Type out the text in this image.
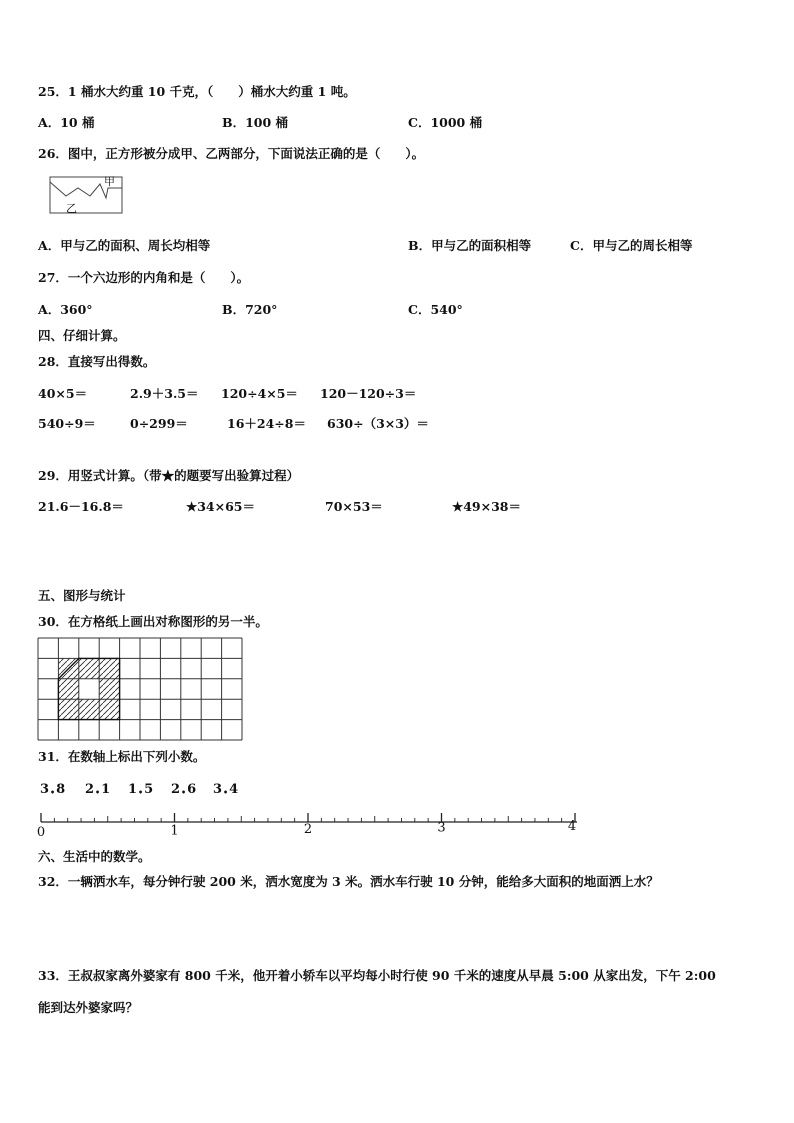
25．1 桶水大约重 10 千克，（　　）桶水大约重 1 吨。
A．10 桶	B．100 桶	C．1000 桶
26．图中，正方形被分成甲、乙两部分，下面说法正确的是（　　）。
甲
乙
A．甲与乙的面积、周长均相等	B．甲与乙的面积相等	C．甲与乙的周长相等
27．一个六边形的内角和是（　　）。
A．360°	B．720°	C．540°
四、仔细计算。
28．直接写出得数。
40×5＝	2.9＋3.5＝ 120÷4×5＝ 120－120÷3＝
540÷9＝	0÷299＝	16＋24÷8＝ 630÷（3×3）＝
29．用竖式计算。（带★的题要写出验算过程）
21.6－16.8＝	★34×65＝	70×53＝	★49×38＝
五、图形与统计
30．在方格纸上画出对称图形的另一半。
31．在数轴上标出下列小数。
3•8 2•1 1•5 2•6 3•4
0	1	2	3	4
六、生活中的数学。
32．一辆洒水车，每分钟行驶 200 米，洒水宽度为 3 米。洒水车行驶 10 分钟，能给多大面积的地面洒上水？
33．王叔叔家离外婆家有 800 千米，他开着小轿车以平均每小时行使 90 千米的速度从早晨 5:00 从家出发，下午 2:00
能到达外婆家吗？
